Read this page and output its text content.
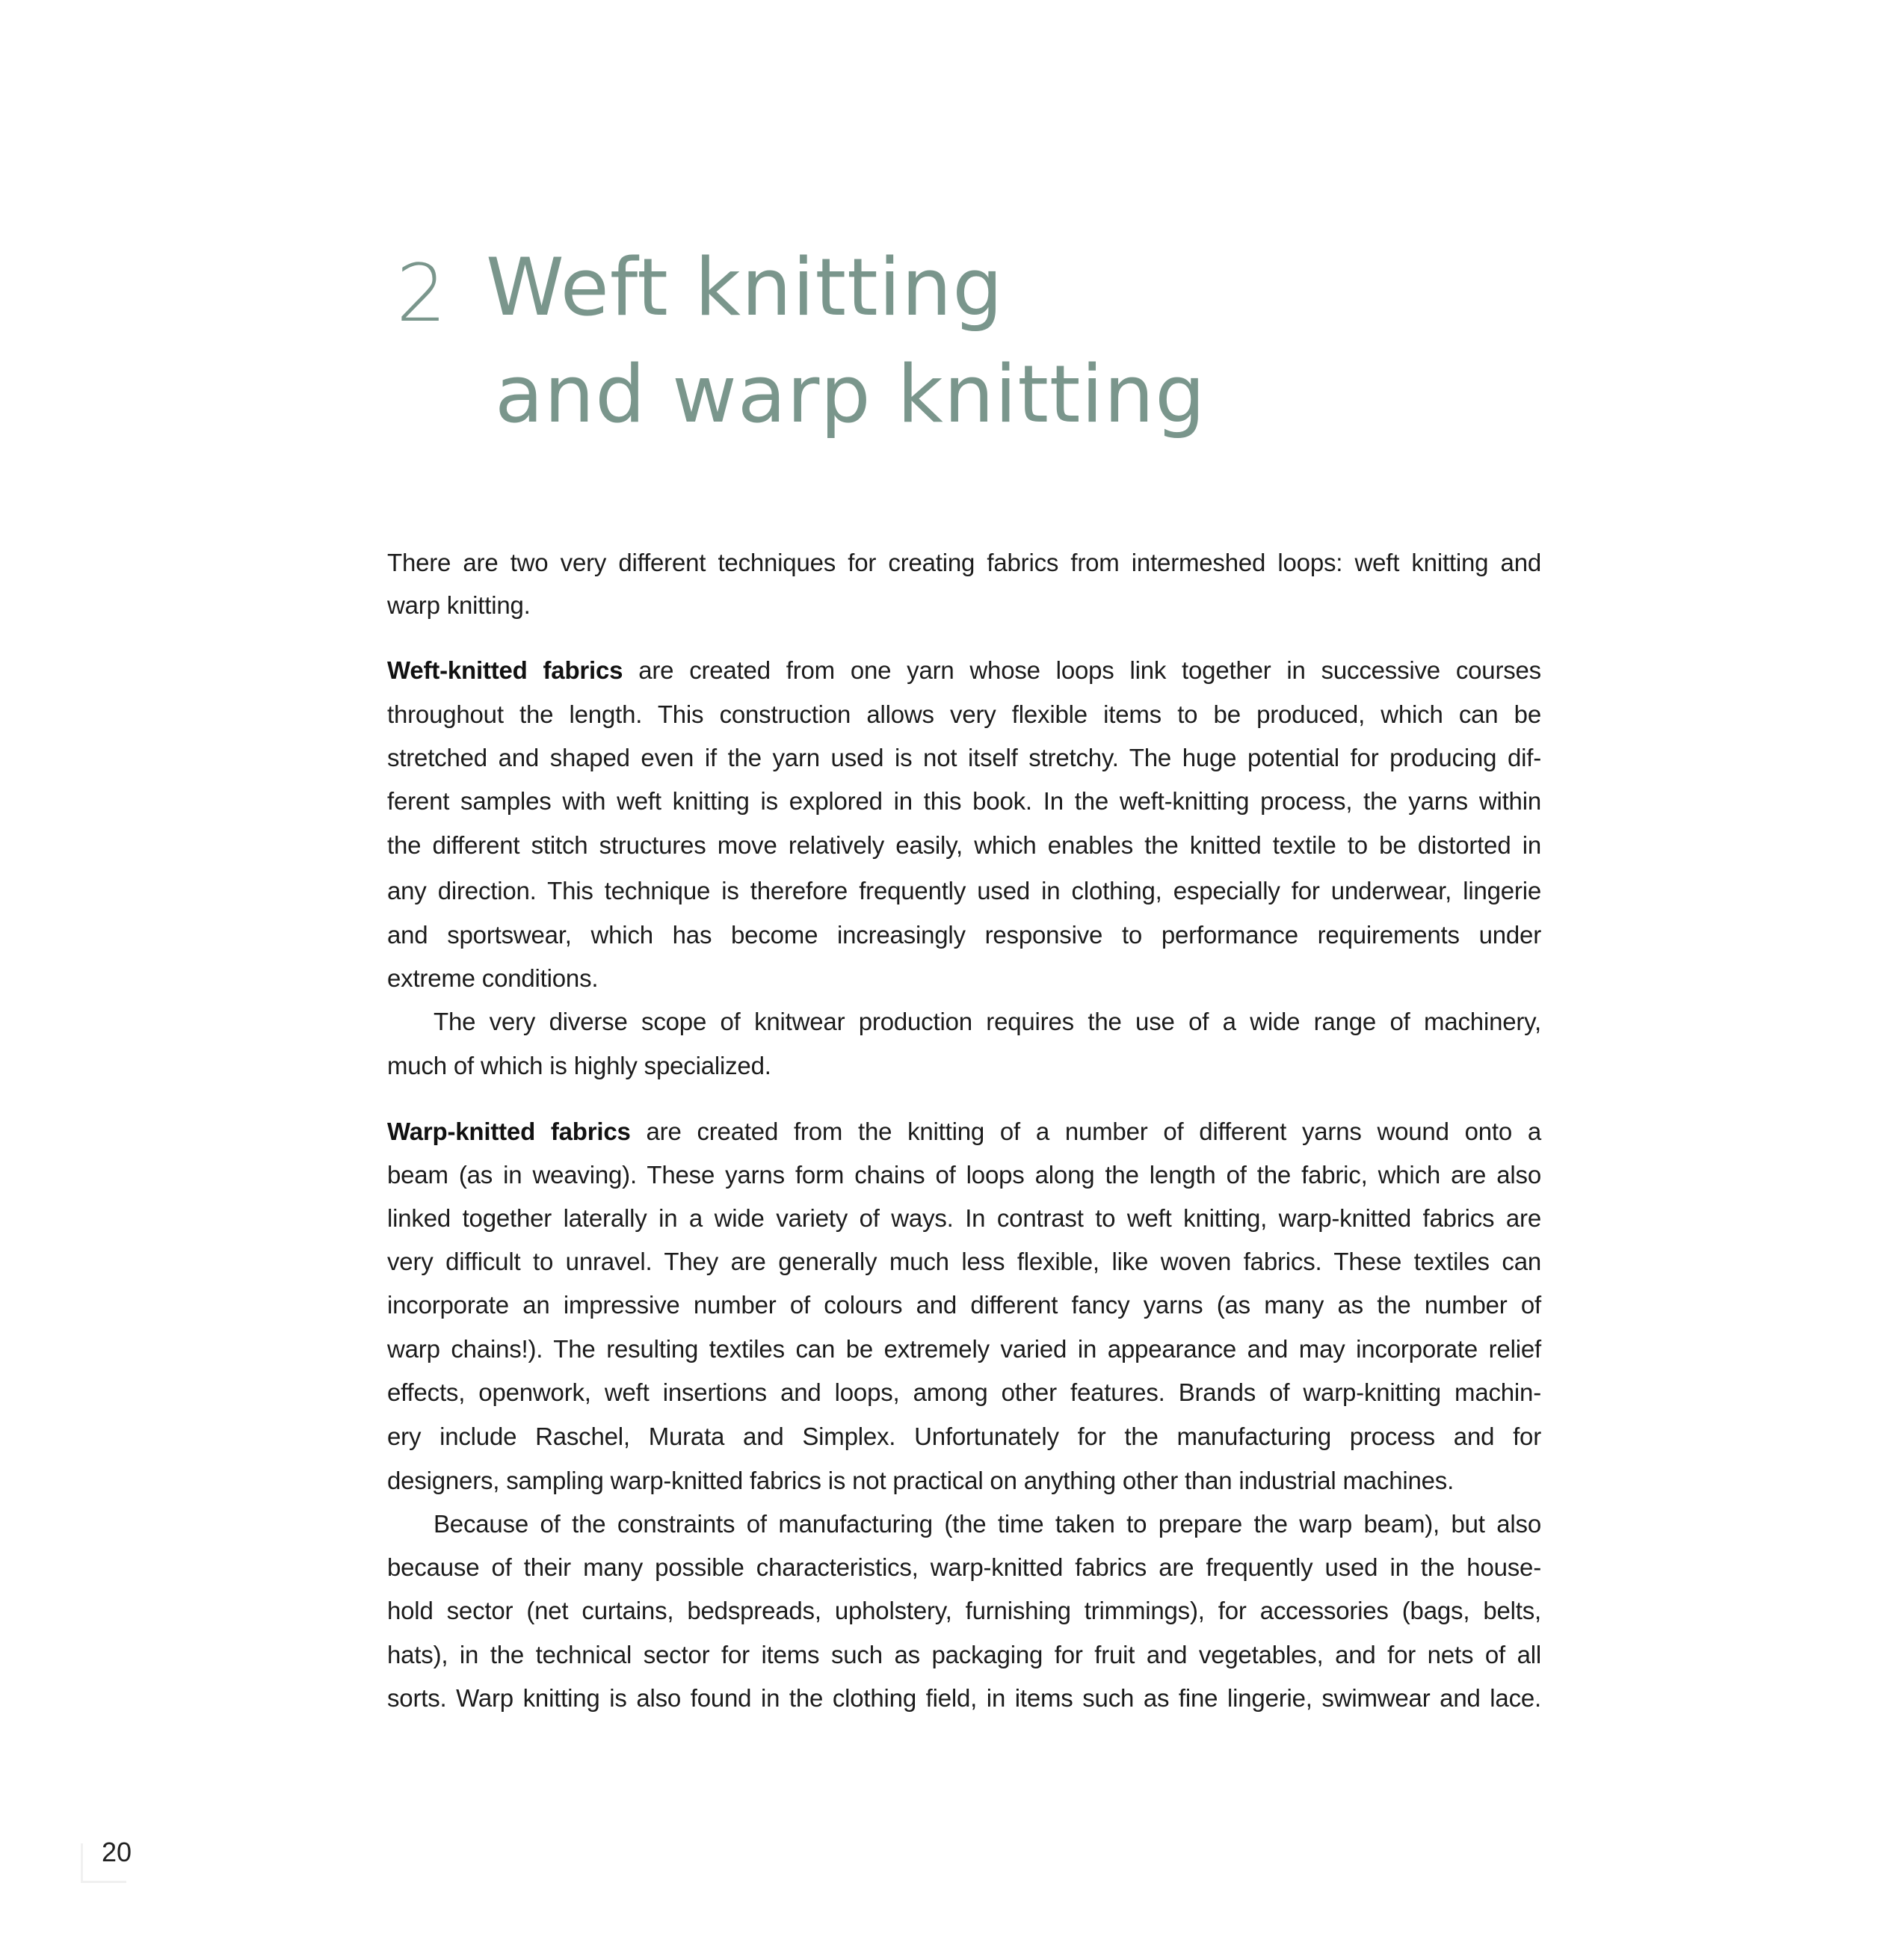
2 Weft knitting
and warp knitting
There are two very different techniques for creating fabrics from intermeshed loops: weft knitting and
warp knitting.
Weft-knitted fabrics are created from one yarn whose loops link together in successive courses
throughout the length. This construction allows very flexible items to be produced, which can be
stretched and shaped even if the yarn used is not itself stretchy. The huge potential for producing dif-
ferent samples with weft knitting is explored in this book. In the weft-knitting process, the yarns within
the different stitch structures move relatively easily, which enables the knitted textile to be distorted in
any direction. This technique is therefore frequently used in clothing, especially for underwear, lingerie
and sportswear, which has become increasingly responsive to performance requirements under
extreme conditions.
The very diverse scope of knitwear production requires the use of a wide range of machinery,
much of which is highly specialized.
Warp-knitted fabrics are created from the knitting of a number of different yarns wound onto a
beam (as in weaving). These yarns form chains of loops along the length of the fabric, which are also
linked together laterally in a wide variety of ways. In contrast to weft knitting, warp-knitted fabrics are
very difficult to unravel. They are generally much less flexible, like woven fabrics. These textiles can
incorporate an impressive number of colours and different fancy yarns (as many as the number of
warp chains!). The resulting textiles can be extremely varied in appearance and may incorporate relief
effects, openwork, weft insertions and loops, among other features. Brands of warp-knitting machin-
ery include Raschel, Murata and Simplex. Unfortunately for the manufacturing process and for
designers, sampling warp-knitted fabrics is not practical on anything other than industrial machines.
Because of the constraints of manufacturing (the time taken to prepare the warp beam), but also
because of their many possible characteristics, warp-knitted fabrics are frequently used in the house-
hold sector (net curtains, bedspreads, upholstery, furnishing trimmings), for accessories (bags, belts,
hats), in the technical sector for items such as packaging for fruit and vegetables, and for nets of all
sorts. Warp knitting is also found in the clothing field, in items such as fine lingerie, swimwear and lace.
20
